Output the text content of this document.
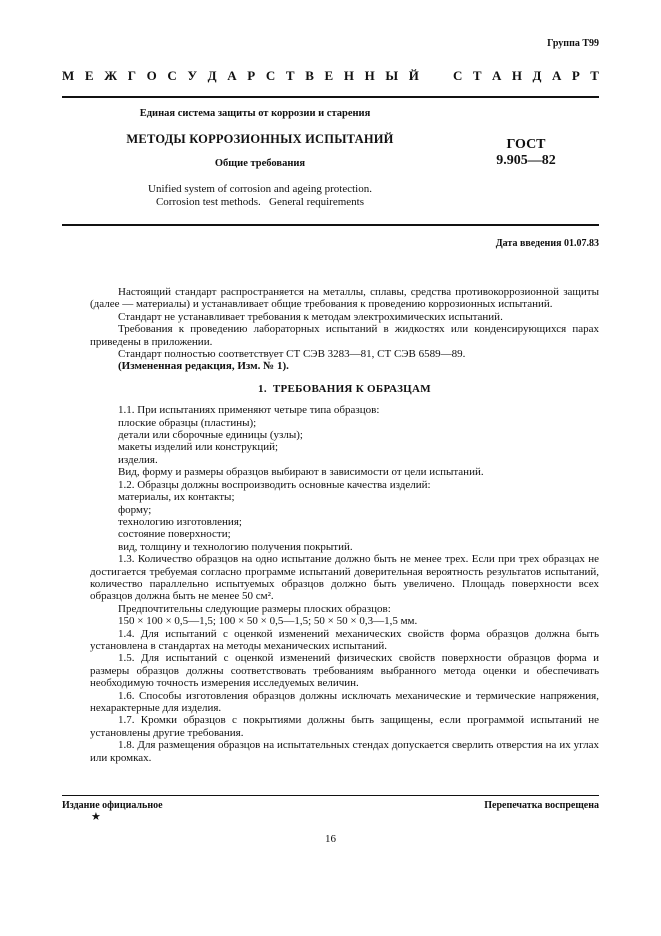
Группа Т99
М Е Ж Г О С У Д А Р С Т В Е Н Н Ы Й	С Т А Н Д А Р Т
Единая система защиты от коррозии и старения
МЕТОДЫ КОРРОЗИОННЫХ ИСПЫТАНИЙ
Общие требования
Unified system of corrosion and ageing protection.
Corrosion test methods.   General requirements
ГОСТ
9.905—82
Дата введения 01.07.83

Настоящий стандарт распространяется на металлы, сплавы, средства противокоррозионной защиты (далее — материалы) и устанавливает общие требования к проведению коррозионных испытаний.

Стандарт не устанавливает требования к методам электрохимических испытаний.

Требования к проведению лабораторных испытаний в жидкостях или конденсирующихся парах приведены в приложении.

Стандарт полностью соответствует СТ СЭВ 3283—81, СТ СЭВ 6589—89.

(Измененная редакция, Изм. № 1).

1. ТРЕБОВАНИЯ К ОБРАЗЦАМ

1.1. При испытаниях применяют четыре типа образцов:

плоские образцы (пластины);

детали или сборочные единицы (узлы);

макеты изделий или конструкций;

изделия.

Вид, форму и размеры образцов выбирают в зависимости от цели испытаний.

1.2. Образцы должны воспроизводить основные качества изделий:

материалы, их контакты;

форму;

технологию изготовления;

состояние поверхности;

вид, толщину и технологию получения покрытий.

1.3. Количество образцов на одно испытание должно быть не менее трех. Если при трех образцах не достигается требуемая согласно программе испытаний доверительная вероятность результатов испытаний, количество параллельно испытуемых образцов должно быть увеличено. Площадь поверхности всех образцов должна быть не менее 50 см².

Предпочтительны следующие размеры плоских образцов:

150 × 100 × 0,5—1,5; 100 × 50 × 0,5—1,5; 50 × 50 × 0,3—1,5 мм.

1.4. Для испытаний с оценкой изменений механических свойств форма образцов должна быть установлена в стандартах на методы механических испытаний.

1.5. Для испытаний с оценкой изменений физических свойств поверхности образцов форма и размеры образцов должны соответствовать требованиям выбранного метода оценки и обеспечивать необходимую точность измерения исследуемых величин.

1.6. Способы изготовления образцов должны исключать механические и термические напряжения, нехарактерные для изделия.

1.7. Кромки образцов с покрытиями должны быть защищены, если программой испытаний не установлены другие требования.

1.8. Для размещения образцов на испытательных стендах допускается сверлить отверстия на их углах или кромках.

Издание официальное
★
Перепечатка воспрещена
16
